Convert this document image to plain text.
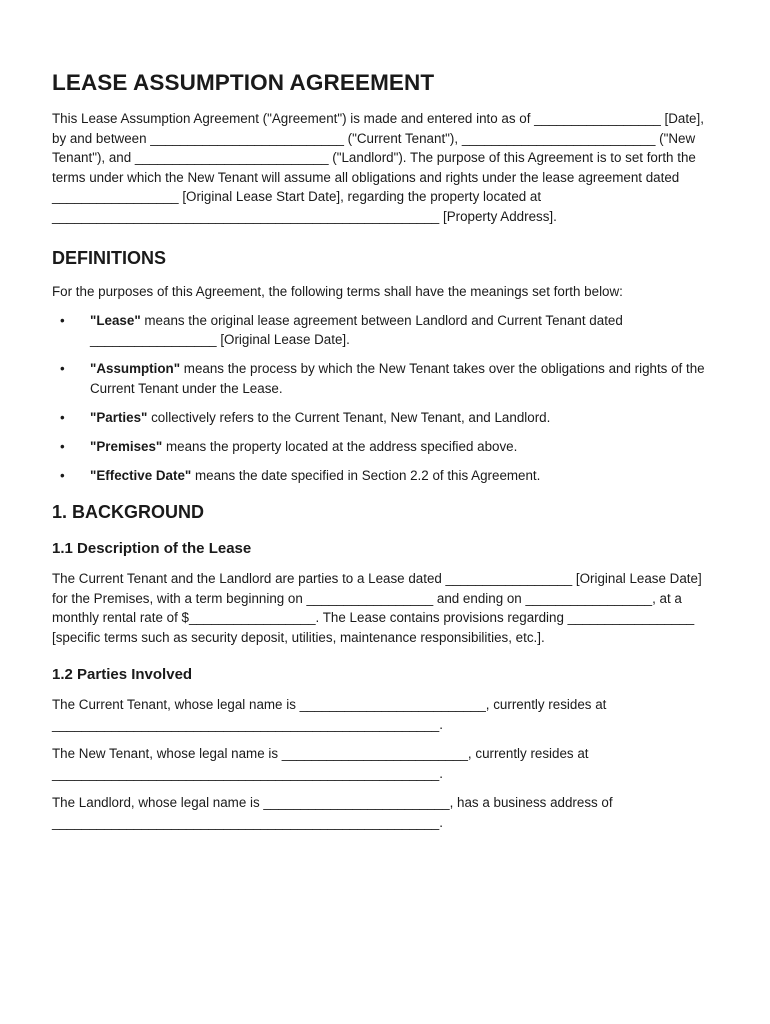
LEASE ASSUMPTION AGREEMENT

This Lease Assumption Agreement ("Agreement") is made and entered into as of _________________ [Date], by and between __________________________ ("Current Tenant"), __________________________ ("New Tenant"), and __________________________ ("Landlord"). The purpose of this Agreement is to set forth the terms under which the New Tenant will assume all obligations and rights under the lease agreement dated _________________ [Original Lease Start Date], regarding the property located at ____________________________________________________ [Property Address].

DEFINITIONS

For the purposes of this Agreement, the following terms shall have the meanings set forth below:

• "Lease" means the original lease agreement between Landlord and Current Tenant dated _________________ [Original Lease Date].
• "Assumption" means the process by which the New Tenant takes over the obligations and rights of the Current Tenant under the Lease.
• "Parties" collectively refers to the Current Tenant, New Tenant, and Landlord.
• "Premises" means the property located at the address specified above.
• "Effective Date" means the date specified in Section 2.2 of this Agreement.
1. BACKGROUND
1.1 Description of the Lease

The Current Tenant and the Landlord are parties to a Lease dated _________________ [Original Lease Date] for the Premises, with a term beginning on _________________ and ending on _________________, at a monthly rental rate of $_________________. The Lease contains provisions regarding _________________ [specific terms such as security deposit, utilities, maintenance responsibilities, etc.].

1.2 Parties Involved

The Current Tenant, whose legal name is _________________________, currently resides at ____________________________________________________.

The New Tenant, whose legal name is _________________________, currently resides at ____________________________________________________.

The Landlord, whose legal name is _________________________, has a business address of ____________________________________________________.
